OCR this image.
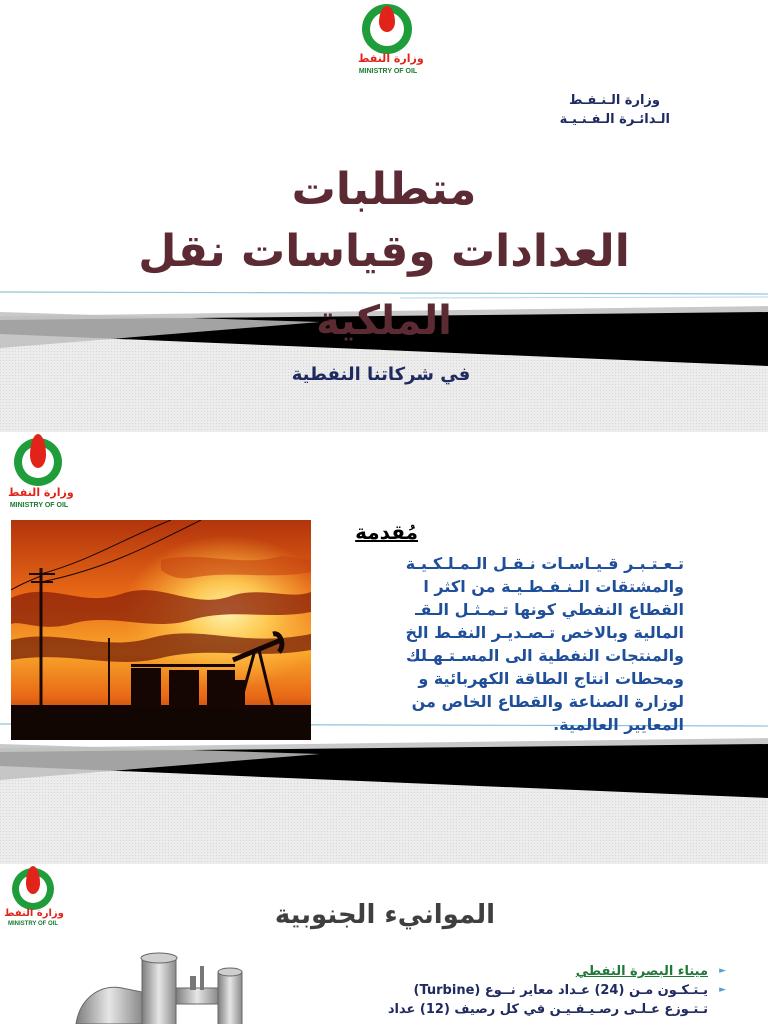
وزارة النفط
MINISTRY OF OIL
وزارة الـنـفـط
الـدائـرة الـفـنـيـة
متطلبات
العدادات وقياسات نقل
الملكية
في شركاتنا النفطية
وزارة النفط
MINISTRY OF OIL
مُقدمة
تـعـتـبـر قـيـاسـات نـقـل الـمـلـكـيـة
والمشتقات الـنـفـطـيـة من اكثر ا
القطاع النفطي كونها تـمـثـل الـقـ
المالية وبالاخص تـصـديـر النفـط الخ
والمنتجات النفطية الى المسـتـهـلك
ومحطات انتاج الطاقة الكهربائية و
لوزارة الصناعة والقطاع الخاص من
المعايير العالمية.
وزارة النفط
MINISTRY OF OIL	الموانيء الجنوبية
ميناء البصرة النفطي ►
يـتـكـون مـن (24) عـداد معاير نــوع (Turbine) ►
تـتـوزع عـلـى رصـيـفـيـن في كل رصيف (12) عداد
